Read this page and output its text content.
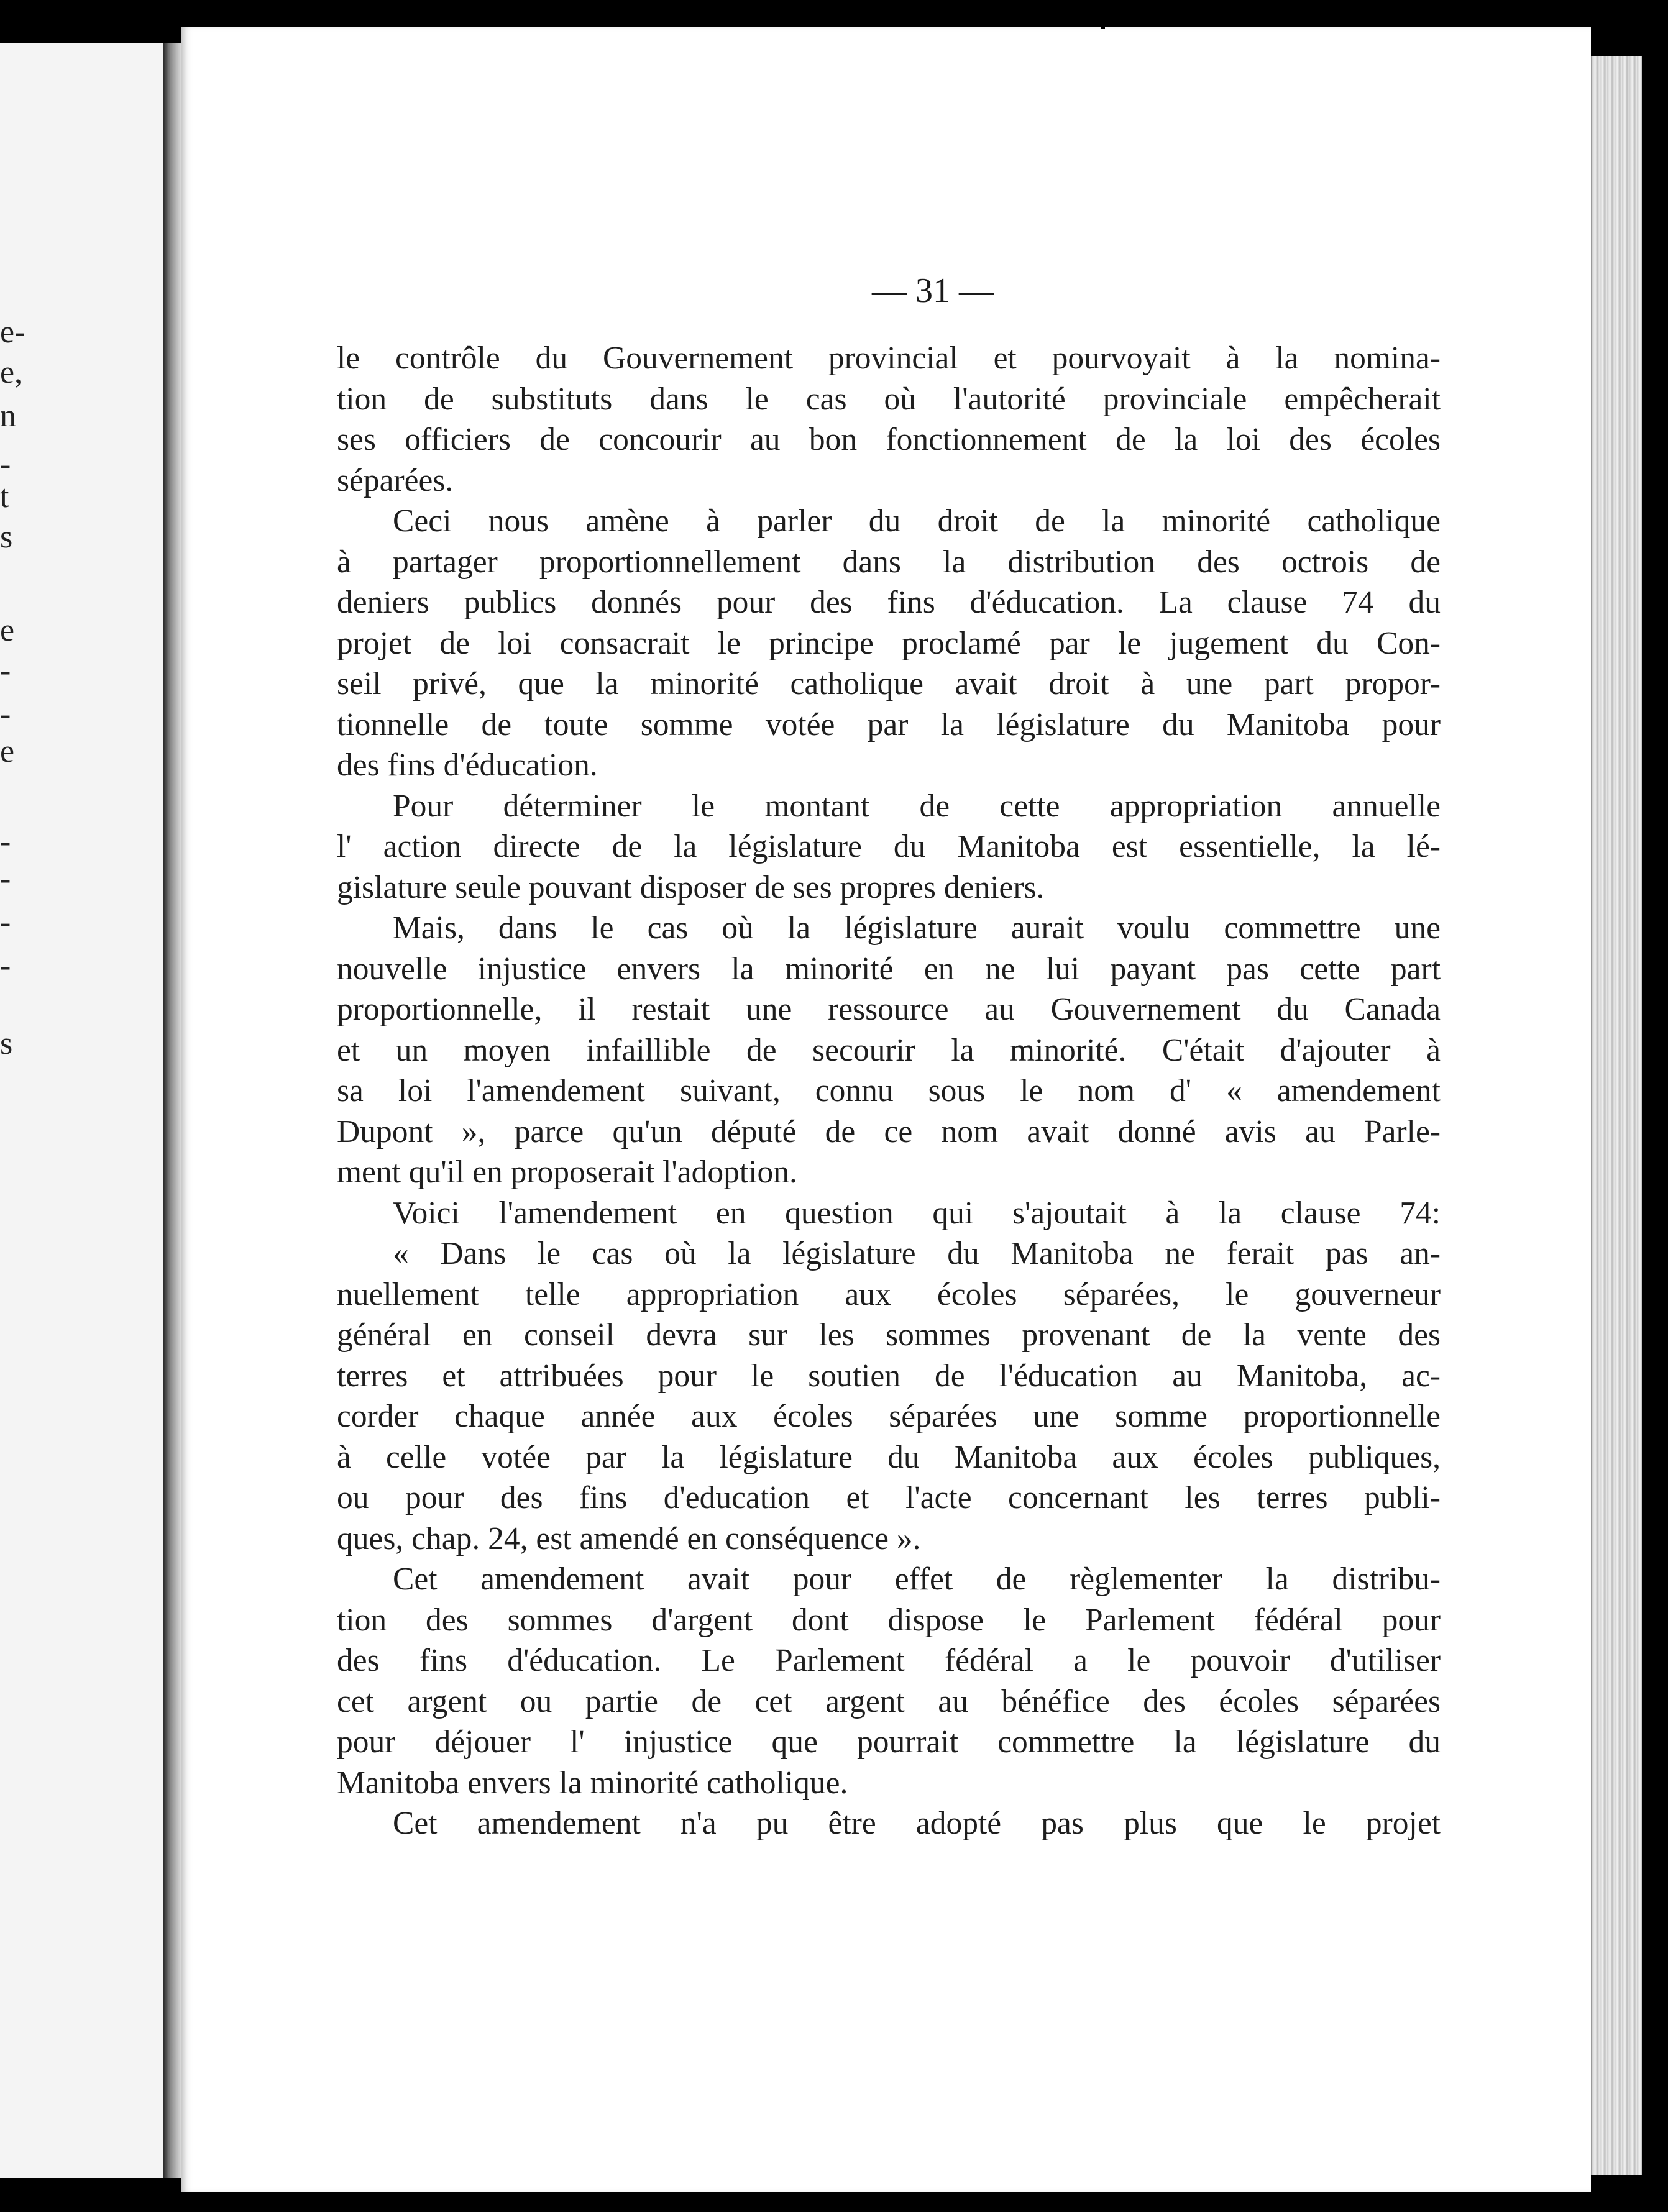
e-
e,
n
-
t
s
e
-
-
e
-
-
-
-
s
— 31 —
le contrôle du Gouvernement provincial et pourvoyait à la nomina-
tion de substituts dans le cas où l'autorité provinciale empêcherait
ses officiers de concourir au bon fonctionnement de la loi des écoles
séparées.
Ceci nous amène à parler du droit de la minorité catholique
à partager proportionnellement dans la distribution des octrois de
deniers publics donnés pour des fins d'éducation. La clause 74 du
projet de loi consacrait le principe proclamé par le jugement du Con-
seil privé, que la minorité catholique avait droit à une part propor-
tionnelle de toute somme votée par la législature du Manitoba pour
des fins d'éducation.
Pour déterminer le montant de cette appropriation annuelle
l' action directe de la législature du Manitoba est essentielle, la lé-
gislature seule pouvant disposer de ses propres deniers.
Mais, dans le cas où la législature aurait voulu commettre une
nouvelle injustice envers la minorité en ne lui payant pas cette part
proportionnelle, il restait une ressource au Gouvernement du Canada
et un moyen infaillible de secourir la minorité. C'était d'ajouter à
sa loi l'amendement suivant, connu sous le nom d' « amendement
Dupont », parce qu'un député de ce nom avait donné avis au Parle-
ment qu'il en proposerait l'adoption.
Voici l'amendement en question qui s'ajoutait à la clause 74:
« Dans le cas où la législature du Manitoba ne ferait pas an-
nuellement telle appropriation aux écoles séparées, le gouverneur
général en conseil devra sur les sommes provenant de la vente des
terres et attribuées pour le soutien de l'éducation au Manitoba, ac-
corder chaque année aux écoles séparées une somme proportionnelle
à celle votée par la législature du Manitoba aux écoles publiques,
ou pour des fins d'education et l'acte concernant les terres publi-
ques, chap. 24, est amendé en conséquence ».
Cet amendement avait pour effet de règlementer la distribu-
tion des sommes d'argent dont dispose le Parlement fédéral pour
des fins d'éducation. Le Parlement fédéral a le pouvoir d'utiliser
cet argent ou partie de cet argent au bénéfice des écoles séparées
pour déjouer l' injustice que pourrait commettre la législature du
Manitoba envers la minorité catholique.
Cet amendement n'a pu être adopté pas plus que le projet
